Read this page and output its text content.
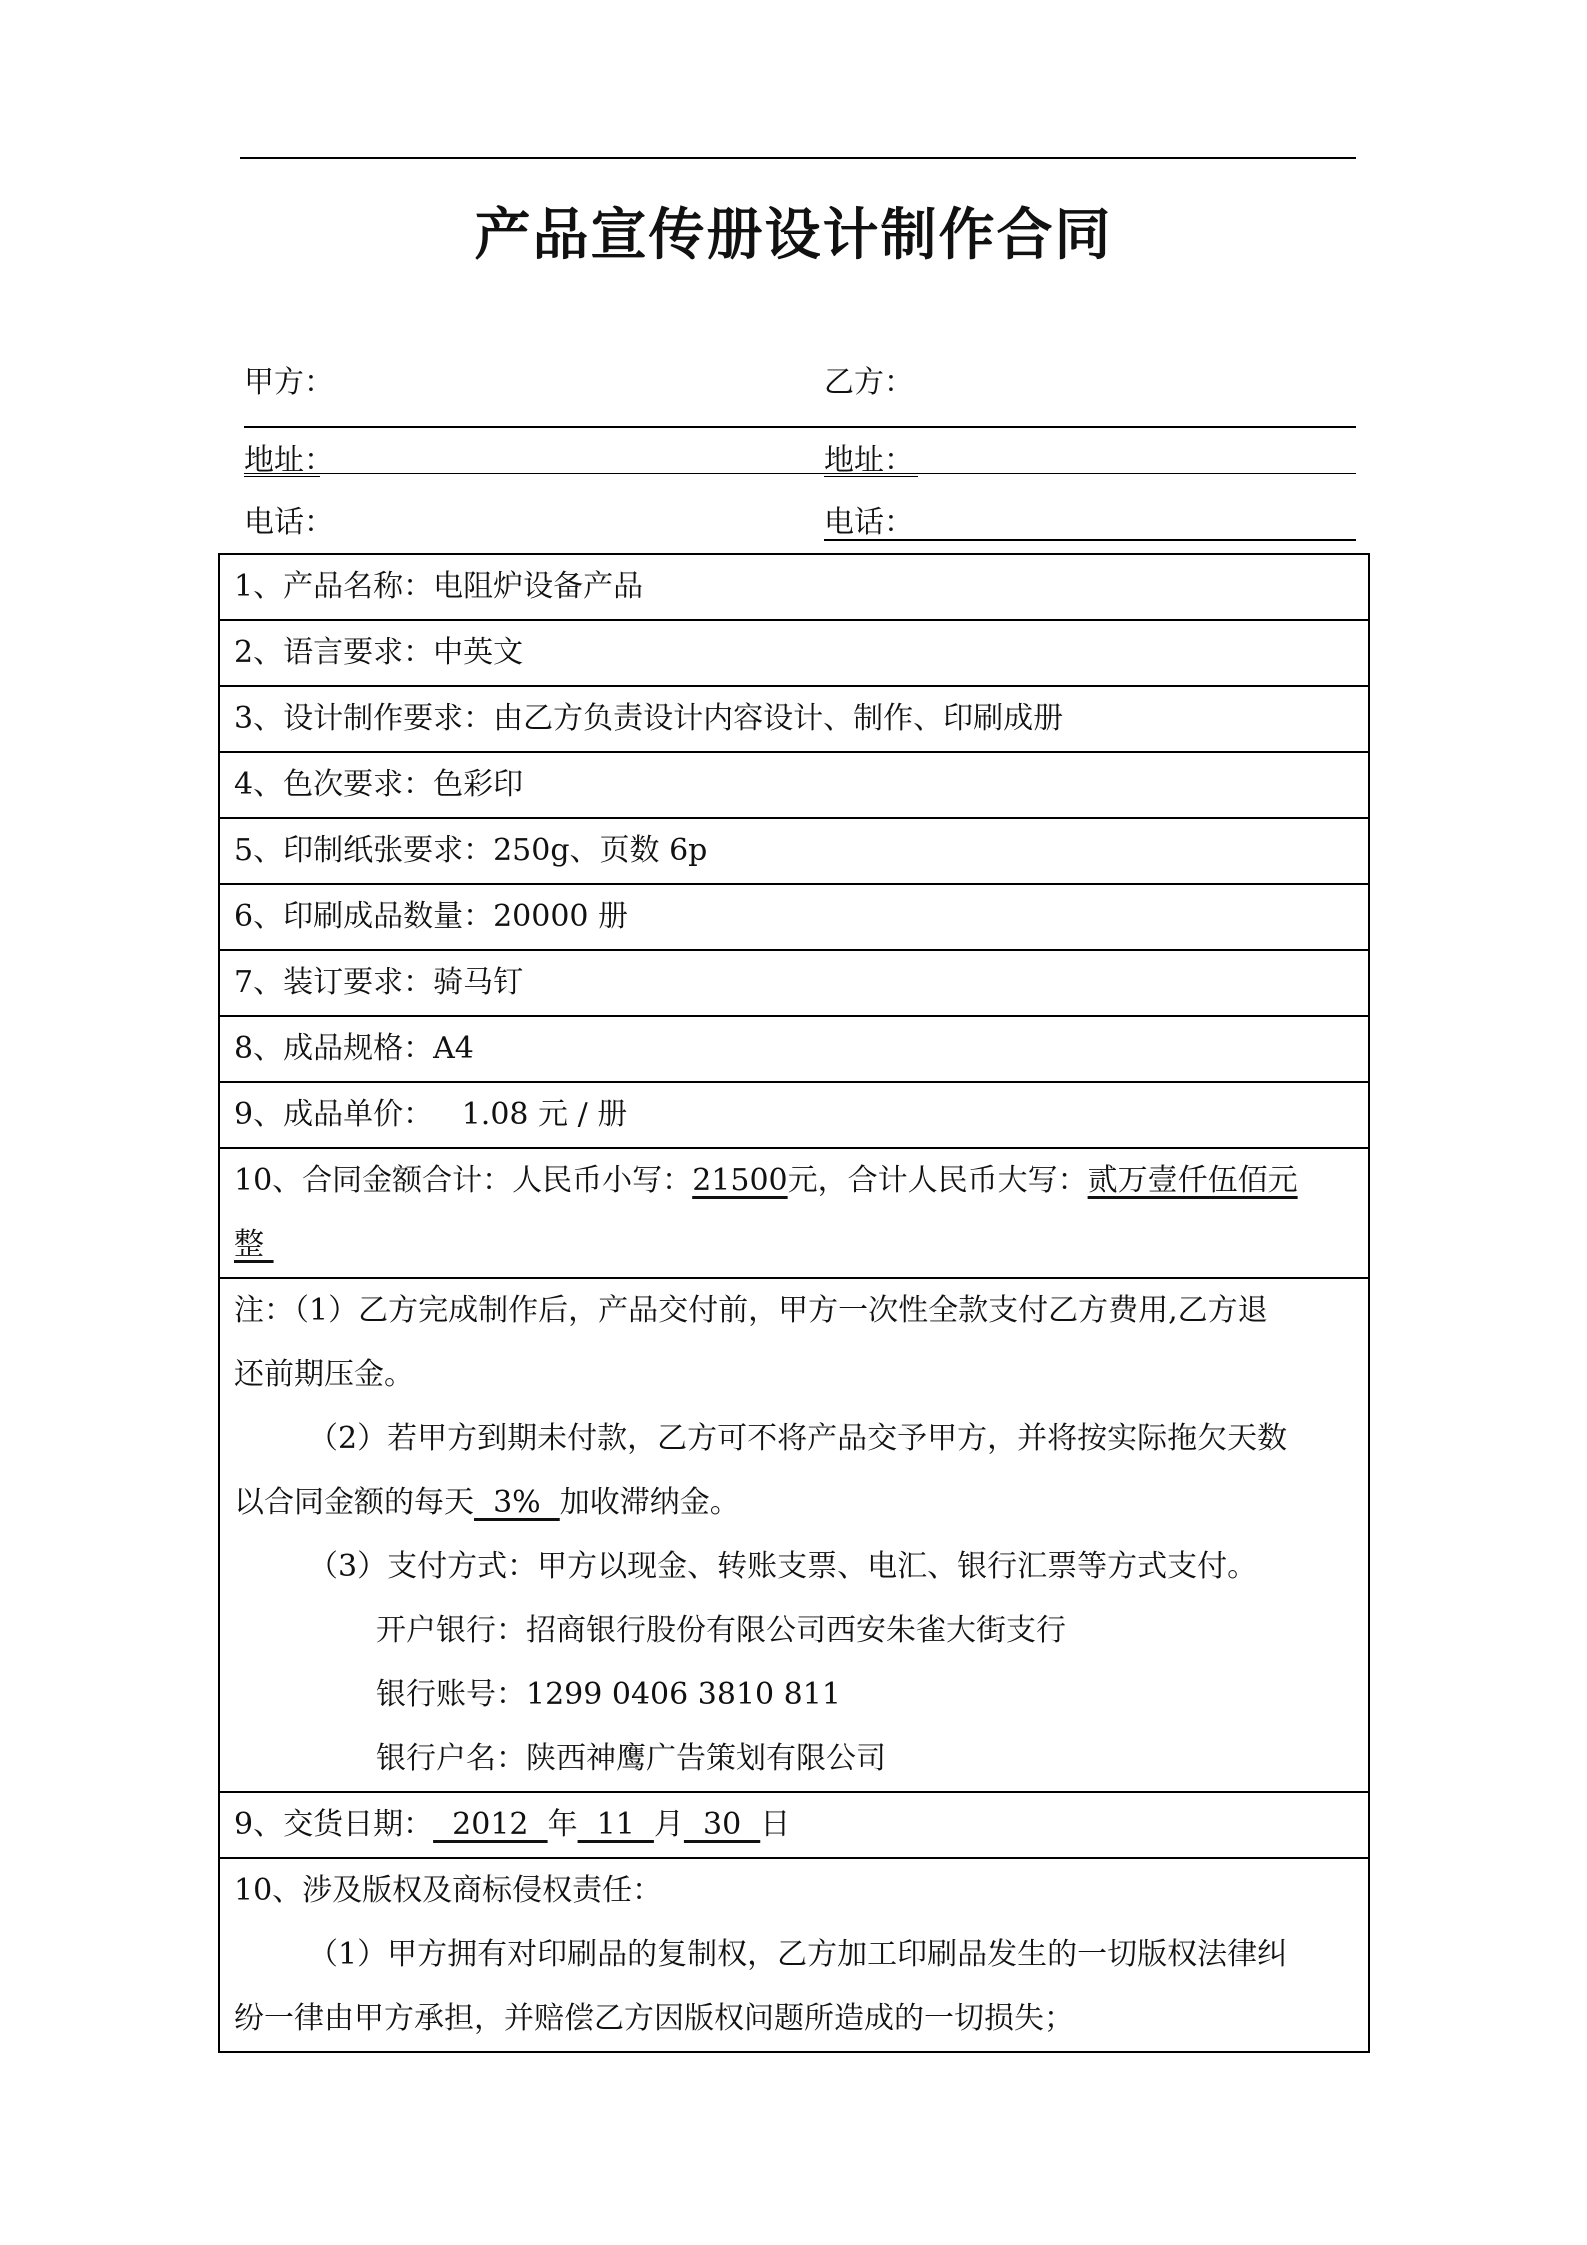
产品宣传册设计制作合同
甲方：	乙方：
地址：	地址：
电话：	电话：
1、产品名称：电阻炉设备产品
2、语言要求：中英文
3、设计制作要求：由乙方负责设计内容设计、制作、印刷成册
4、色次要求：色彩印
5、印制纸张要求：250g、页数 6p
6、印刷成品数量：20000 册
7、装订要求：骑马钉
8、成品规格：A4
9、成品单价：   1.08 元 / 册
10、合同金额合计：人民币小写：21500元，合计人民币大写：贰万壹仟伍佰元
整
注：（1）乙方完成制作后，产品交付前，甲方一次性全款支付乙方费用,乙方退
还前期压金。

（2）若甲方到期未付款，乙方可不将产品交予甲方，并将按实际拖欠天数
以合同金额的每天  3%  加收滞纳金。
（3）支付方式：甲方以现金、转账支票、电汇、银行汇票等方式支付。
开户银行：招商银行股份有限公司西安朱雀大街支行
银行账号：1299 0406 3810 811
银行户名：陕西神鹰广告策划有限公司

9、交货日期：  2012  年  11  月  30  日
10、涉及版权及商标侵权责任：

（1）甲方拥有对印刷品的复制权，乙方加工印刷品发生的一切版权法律纠
纷一律由甲方承担，并赔偿乙方因版权问题所造成的一切损失；
